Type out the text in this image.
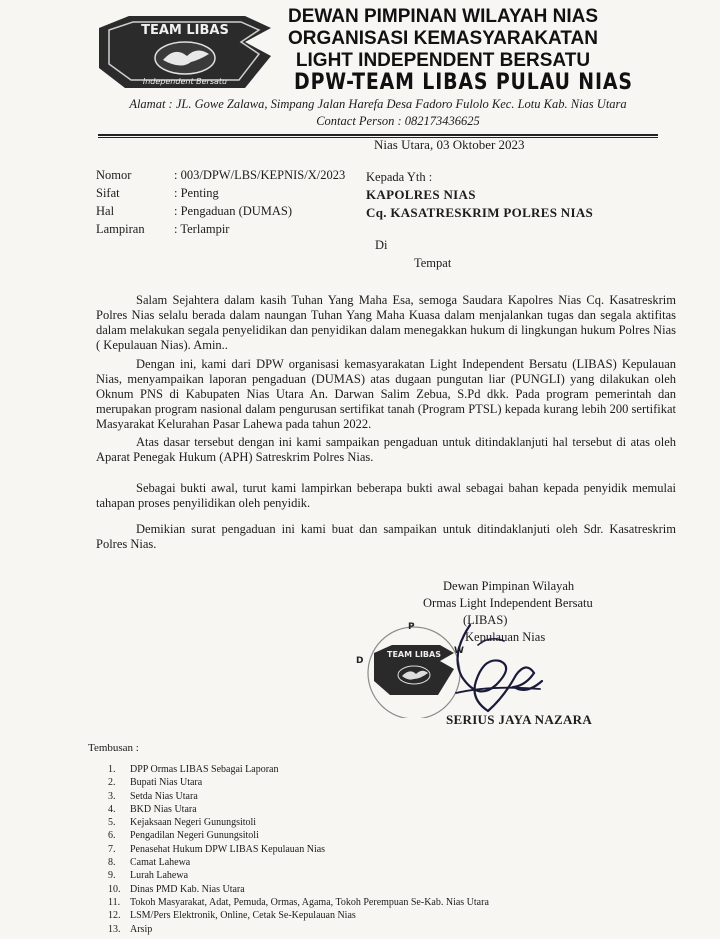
TEAM LIBAS
Independent Bersatu
DEWAN PIMPINAN WILAYAH NIAS
ORGANISASI KEMASYARAKATAN
LIGHT INDEPENDENT BERSATU
DPW-TEAM LIBAS PULAU NIAS
Alamat : JL. Gowe Zalawa, Simpang Jalan Harefa Desa Fadoro Fulolo Kec. Lotu Kab. Nias Utara
Contact Person : 082173436625
Nias Utara, 03 Oktober 2023
Nomor	: 003/DPW/LBS/KEPNIS/X/2023
Sifat	: Penting
Hal	: Pengaduan (DUMAS)
Lampiran	: Terlampir
Kepada Yth :
KAPOLRES NIAS
Cq. KASATRESKRIM POLRES NIAS
Di
Tempat
Salam Sejahtera dalam kasih Tuhan Yang Maha Esa, semoga Saudara Kapolres Nias Cq. Kasatreskrim Polres Nias selalu berada dalam naungan Tuhan Yang Maha Kuasa dalam menjalankan tugas dan segala aktifitas dalam melakukan segala penyelidikan dan penyidikan dalam menegakkan hukum di lingkungan hukum Polres Nias ( Kepulauan Nias). Amin..
Dengan ini, kami dari DPW organisasi kemasyarakatan Light Independent Bersatu (LIBAS) Kepulauan Nias, menyampaikan laporan pengaduan (DUMAS) atas dugaan pungutan liar (PUNGLI) yang dilakukan oleh Oknum PNS di Kabupaten Nias Utara An. Darwan Salim Zebua, S.Pd dkk. Pada program pemerintah dan merupakan program nasional dalam pengurusan sertifikat tanah (Program PTSL) kepada kurang lebih 200 sertifikat Masyarakat Kelurahan Pasar Lahewa pada tahun 2022.
Atas dasar tersebut dengan ini kami sampaikan pengaduan untuk ditindaklanjuti hal tersebut di atas oleh Aparat Penegak Hukum (APH) Satreskrim Polres Nias.
Sebagai bukti awal, turut kami lampirkan beberapa bukti awal sebagai bahan kepada penyidik memulai tahapan proses penyilidikan oleh penyidik.
Demikian surat pengaduan ini kami buat dan sampaikan untuk ditindaklanjuti oleh Sdr. Kasatreskrim Polres Nias.
Dewan Pimpinan Wilayah
Ormas Light Independent Bersatu
(LIBAS)
Kepulauan Nias
P
D
W
TEAM LIBAS
SERIUS JAYA NAZARA
Tembusan :
1.	DPP Ormas LIBAS Sebagai Laporan
2.	Bupati Nias Utara
3.	Setda Nias Utara
4.	BKD Nias Utara
5.	Kejaksaan Negeri Gunungsitoli
6.	Pengadilan Negeri Gunungsitoli
7.	Penasehat Hukum DPW LIBAS Kepulauan Nias
8.	Camat Lahewa
9.	Lurah Lahewa
10. Dinas PMD Kab. Nias Utara
11. Tokoh Masyarakat, Adat, Pemuda, Ormas, Agama, Tokoh Perempuan Se-Kab. Nias Utara
12. LSM/Pers Elektronik, Online, Cetak Se-Kepulauan Nias
13. Arsip
